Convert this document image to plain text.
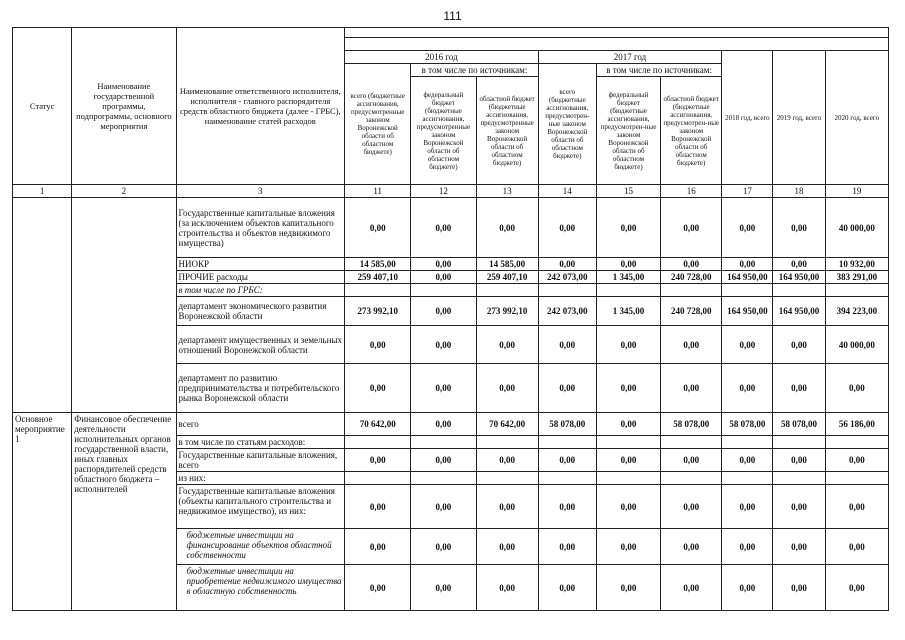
111
Статус	Наименование государственной программы, подпрограммы, основного мероприятия	Наименование ответственного исполнителя, исполнителя - главного распорядителя средств областного бюджета (далее - ГРБС), наименование статей расходов									

			2016 год			2017 год			2018 год, всего	2019 год, всего	2020 год, всего
			всего (бюджетные ассигнования, предусмотренные законом Воронежской области об областном бюджете)	в том числе по источникам:		всего (бюджетные ассигнования, предусмотрен-ные законом Воронежской области об областном бюджете)	в том числе по источникам:				
				федеральный бюджет (бюджетные ассигнования, предусмотренные законом Воронежской области об областном бюджете)	областной бюджет (бюджетные ассигнования, предусмотренные законом Воронежской области об областном бюджете)		федеральный бюджет (бюджетные ассигнования, предусмотрен-ные законом Воронежской области об областном бюджете)	областной бюджет (бюджетные ассигнования, предусмотрен-ные законом Воронежской области об областном бюджете)			
1	2	3	11	12	13	14	15	16	17	18	19
		Государственные капитальные вложения (за исключением объектов капитального строительства и объектов недвижимого имущества)	0,00	0,00	0,00	0,00	0,00	0,00	0,00	0,00	40 000,00
		НИОКР	14 585,00	0,00	14 585,00	0,00	0,00	0,00	0,00	0,00	10 932,00
		ПРОЧИЕ расходы	259 407,10	0,00	259 407,10	242 073,00	1 345,00	240 728,00	164 950,00	164 950,00	383 291,00
		в том числе по ГРБС:									
		департамент экономического развития Воронежской области	273 992,10	0,00	273 992,10	242 073,00	1 345,00	240 728,00	164 950,00	164 950,00	394 223,00
		департамент имущественных и земельных отношений Воронежской области	0,00	0,00	0,00	0,00	0,00	0,00	0,00	0,00	40 000,00
		департамент по развитию предпринимательства и потребительского рынка Воронежской области	0,00	0,00	0,00	0,00	0,00	0,00	0,00	0,00	0,00
Основное мероприятие 1	Финансовое обеспечение деятельности исполнительных органов государственной власти, иных главных распорядителей средств областного бюджета – исполнителей	всего	70 642,00	0,00	70 642,00	58 078,00	0,00	58 078,00	58 078,00	58 078,00	56 186,00
		в том числе по статьям расходов:									
		Государственные капитальные вложения, всего	0,00	0,00	0,00	0,00	0,00	0,00	0,00	0,00	0,00
		из них:									
		Государственные капитальные вложения (объекты капитального строительства и недвижимое имущество), из них:	0,00	0,00	0,00	0,00	0,00	0,00	0,00	0,00	0,00
		бюджетные инвестиции на финансирование объектов областной собственности	0,00	0,00	0,00	0,00	0,00	0,00	0,00	0,00	0,00
		бюджетные инвестиции на приобретение недвижимого имущества в областную собственность	0,00	0,00	0,00	0,00	0,00	0,00	0,00	0,00	0,00
